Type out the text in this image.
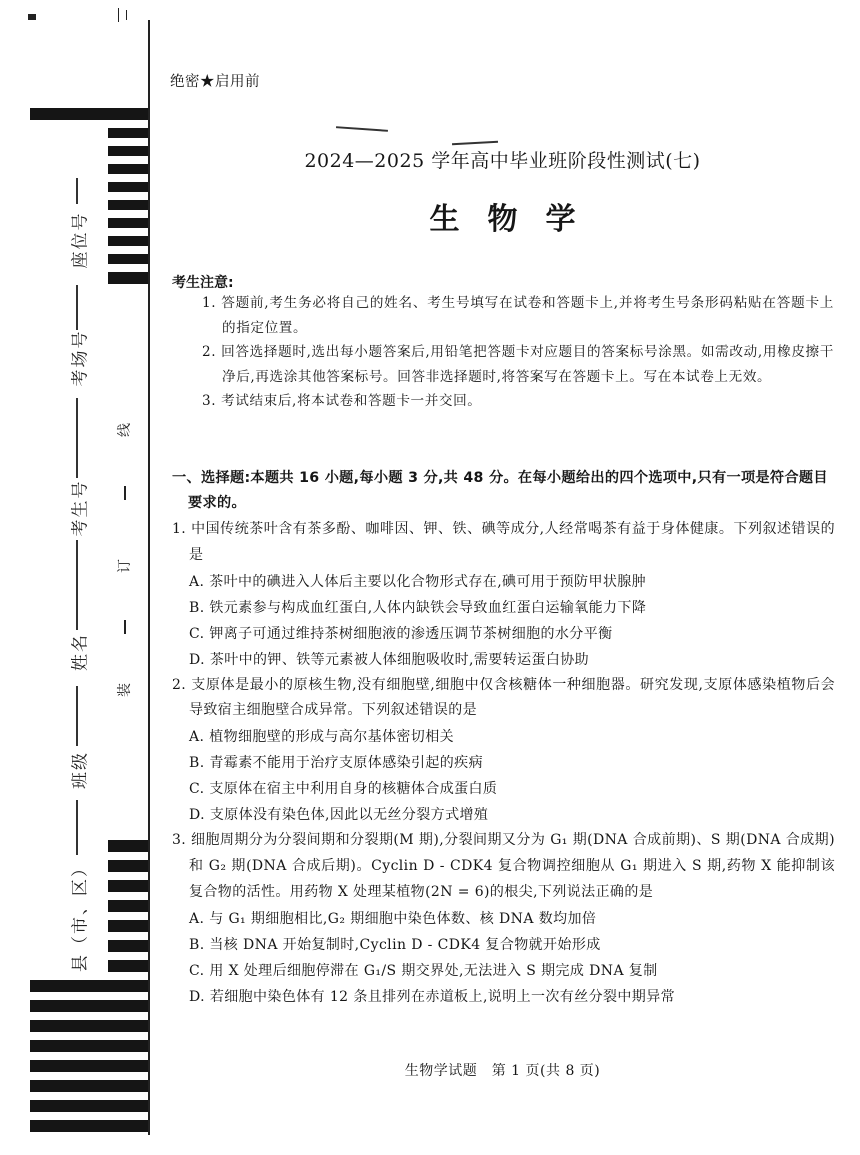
座位号
考场号
考生号
姓名
班级
县（市、区）
线
订
装
绝密★启用前
2024—2025 学年高中毕业班阶段性测试(七)
生物学
考生注意:
1. 答题前,考生务必将自己的姓名、考生号填写在试卷和答题卡上,并将考生号条形码粘贴在答题卡上的指定位置。
2. 回答选择题时,选出每小题答案后,用铅笔把答题卡对应题目的答案标号涂黑。如需改动,用橡皮擦干净后,再选涂其他答案标号。回答非选择题时,将答案写在答题卡上。写在本试卷上无效。
3. 考试结束后,将本试卷和答题卡一并交回。
一、选择题:本题共 16 小题,每小题 3 分,共 48 分。在每小题给出的四个选项中,只有一项是符合题目要求的。
1. 中国传统茶叶含有茶多酚、咖啡因、钾、铁、碘等成分,人经常喝茶有益于身体健康。下列叙述错误的是
A. 茶叶中的碘进入人体后主要以化合物形式存在,碘可用于预防甲状腺肿
B. 铁元素参与构成血红蛋白,人体内缺铁会导致血红蛋白运输氧能力下降
C. 钾离子可通过维持茶树细胞液的渗透压调节茶树细胞的水分平衡
D. 茶叶中的钾、铁等元素被人体细胞吸收时,需要转运蛋白协助
2. 支原体是最小的原核生物,没有细胞壁,细胞中仅含核糖体一种细胞器。研究发现,支原体感染植物后会导致宿主细胞壁合成异常。下列叙述错误的是
A. 植物细胞壁的形成与高尔基体密切相关
B. 青霉素不能用于治疗支原体感染引起的疾病
C. 支原体在宿主中利用自身的核糖体合成蛋白质
D. 支原体没有染色体,因此以无丝分裂方式增殖
3. 细胞周期分为分裂间期和分裂期(M 期),分裂间期又分为 G₁ 期(DNA 合成前期)、S 期(DNA 合成期)和 G₂ 期(DNA 合成后期)。Cyclin D - CDK4 复合物调控细胞从 G₁ 期进入 S 期,药物 X 能抑制该复合物的活性。用药物 X 处理某植物(2N = 6)的根尖,下列说法正确的是
A. 与 G₁ 期细胞相比,G₂ 期细胞中染色体数、核 DNA 数均加倍
B. 当核 DNA 开始复制时,Cyclin D - CDK4 复合物就开始形成
C. 用 X 处理后细胞停滞在 G₁/S 期交界处,无法进入 S 期完成 DNA 复制
D. 若细胞中染色体有 12 条且排列在赤道板上,说明上一次有丝分裂中期异常
生物学试题　第 1 页(共 8 页)
